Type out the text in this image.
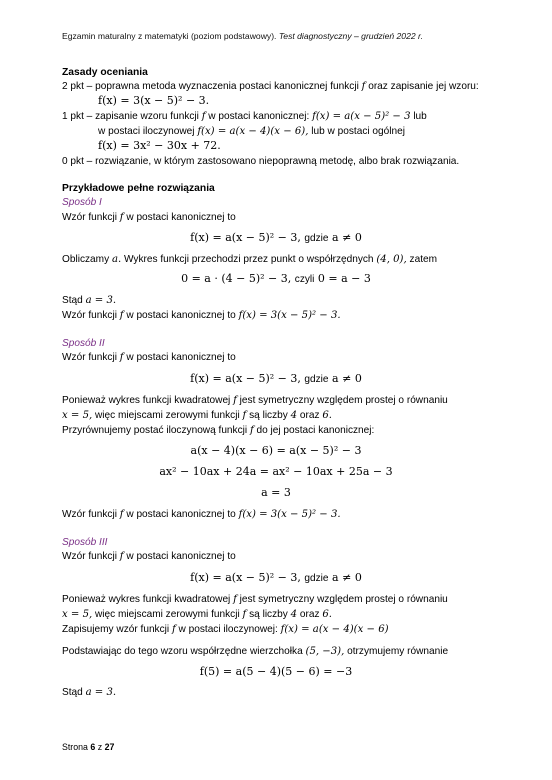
Egzamin maturalny z matematyki (poziom podstawowy). Test diagnostyczny – grudzień 2022 r.
Zasady oceniania
2 pkt – poprawna metoda wyznaczenia postaci kanonicznej funkcji f oraz zapisanie jej wzoru:
f(x) = 3(x − 5)² − 3.
1 pkt – zapisanie wzoru funkcji f w postaci kanonicznej: f(x) = a(x − 5)² − 3 lub
w postaci iloczynowej f(x) = a(x − 4)(x − 6), lub w postaci ogólnej
f(x) = 3x² − 30x + 72.
0 pkt – rozwiązanie, w którym zastosowano niepoprawną metodę, albo brak rozwiązania.
Przykładowe pełne rozwiązania
Sposób I
Wzór funkcji f w postaci kanonicznej to
f(x) = a(x − 5)² − 3, gdzie a ≠ 0
Obliczamy a. Wykres funkcji przechodzi przez punkt o współrzędnych (4, 0), zatem
0 = a · (4 − 5)² − 3, czyli 0 = a − 3
Stąd a = 3.
Wzór funkcji f w postaci kanonicznej to f(x) = 3(x − 5)² − 3.
Sposób II
Wzór funkcji f w postaci kanonicznej to
f(x) = a(x − 5)² − 3, gdzie a ≠ 0
Ponieważ wykres funkcji kwadratowej f jest symetryczny względem prostej o równaniu
x = 5, więc miejscami zerowymi funkcji f są liczby 4 oraz 6.
Przyrównujemy postać iloczynową funkcji f do jej postaci kanonicznej:
a(x − 4)(x − 6) = a(x − 5)² − 3
ax² − 10ax + 24a = ax² − 10ax + 25a − 3
a = 3
Wzór funkcji f w postaci kanonicznej to f(x) = 3(x − 5)² − 3.
Sposób III
Wzór funkcji f w postaci kanonicznej to
f(x) = a(x − 5)² − 3, gdzie a ≠ 0
Ponieważ wykres funkcji kwadratowej f jest symetryczny względem prostej o równaniu
x = 5, więc miejscami zerowymi funkcji f są liczby 4 oraz 6.
Zapisujemy wzór funkcji f w postaci iloczynowej: f(x) = a(x − 4)(x − 6)
Podstawiając do tego wzoru współrzędne wierzchołka (5, −3), otrzymujemy równanie
f(5) = a(5 − 4)(5 − 6) = −3
Stąd a = 3.
Strona 6 z 27
